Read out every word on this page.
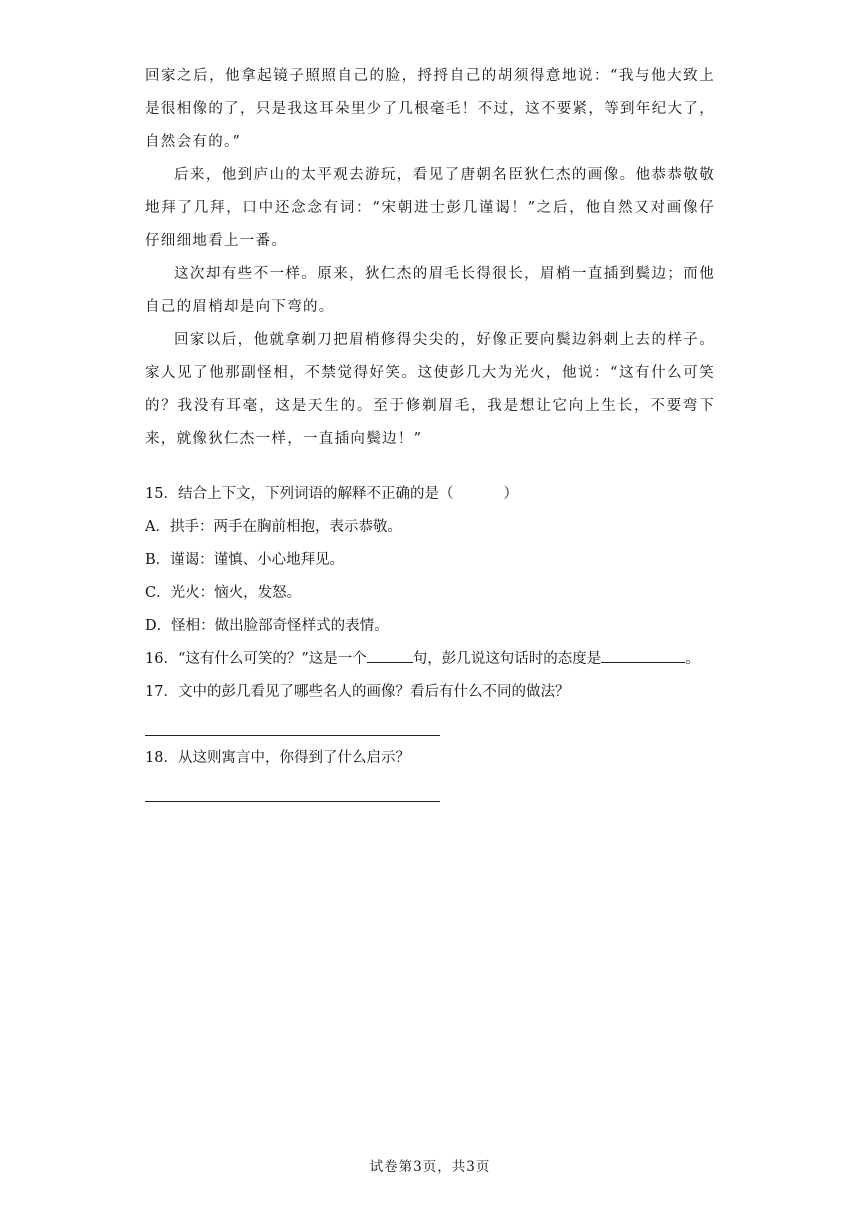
回家之后，他拿起镜子照照自己的脸，捋捋自己的胡须得意地说：“我与他大致上是很相像的了，只是我这耳朵里少了几根毫毛！不过，这不要紧，等到年纪大了，自然会有的。”

后来，他到庐山的太平观去游玩，看见了唐朝名臣狄仁杰的画像。他恭恭敬敬地拜了几拜，口中还念念有词：“宋朝进士彭几谨谒！”之后，他自然又对画像仔仔细细地看上一番。

这次却有些不一样。原来，狄仁杰的眉毛长得很长，眉梢一直插到鬓边；而他自己的眉梢却是向下弯的。

回家以后，他就拿剃刀把眉梢修得尖尖的，好像正要向鬓边斜刺上去的样子。家人见了他那副怪相，不禁觉得好笑。这使彭几大为光火，他说：“这有什么可笑的？我没有耳毫，这是天生的。至于修剃眉毛，我是想让它向上生长，不要弯下来，就像狄仁杰一样，一直插向鬓边！”

15．结合上下文，下列词语的解释不正确的是（	）
A．拱手：两手在胸前相抱，表示恭敬。
B．谨谒：谨慎、小心地拜见。
C．光火：恼火，发怒。
D．怪相：做出脸部奇怪样式的表情。
16．“这有什么可笑的？”这是一个	句，彭几说这句话时的态度是	。
17．文中的彭几看见了哪些名人的画像？看后有什么不同的做法？
18．从这则寓言中，你得到了什么启示？
试卷第3页，共3页
